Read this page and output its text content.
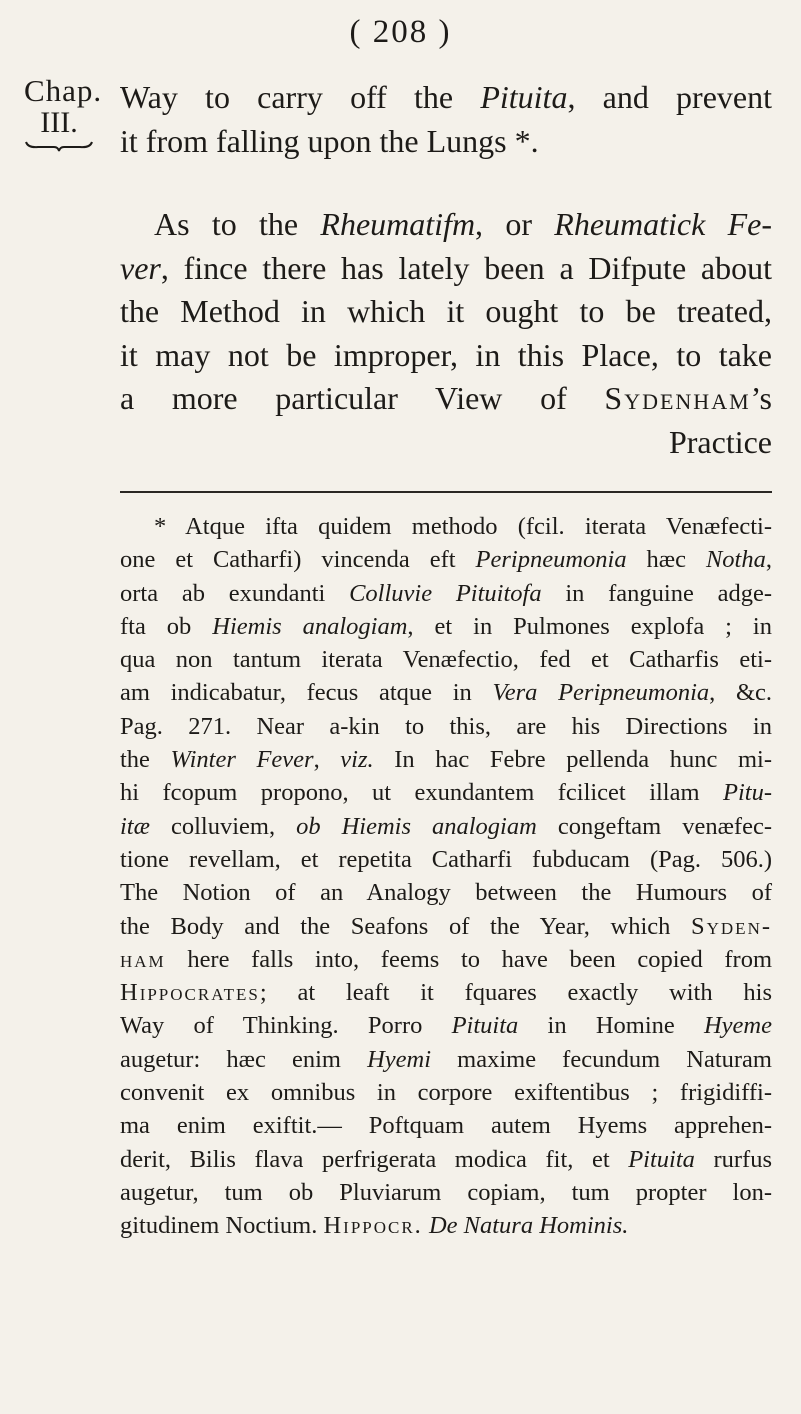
( 208 )
Chap.
III.
Way to carry off the Pituita, and prevent
it from falling upon the Lungs *.
As to the Rheumatifm, or Rheumatick Fe-
ver, fince there has lately been a Difpute about
the Method in which it ought to be treated,
it may not be improper, in this Place, to take
a more particular View of Sydenham’s
Practice
* Atque ifta quidem methodo (fcil. iterata Venæfecti-
one et Catharfi) vincenda eft Peripneumonia hæc Notha,
orta ab exundanti Colluvie Pituitofa in fanguine adge-
fta ob Hiemis analogiam, et in Pulmones explofa ; in
qua non tantum iterata Venæfectio, fed et Catharfis eti-
am indicabatur, fecus atque in Vera Peripneumonia, &c.
Pag. 271. Near a-kin to this, are his Directions in
the Winter Fever, viz. In hac Febre pellenda hunc mi-
hi fcopum propono, ut exundantem fcilicet illam Pitu-
itæ colluviem, ob Hiemis analogiam congeftam venæfec-
tione revellam, et repetita Catharfi fubducam (Pag. 506.)
The Notion of an Analogy between the Humours of
the Body and the Seafons of the Year, which Syden-
ham here falls into, feems to have been copied from
Hippocrates; at leaft it fquares exactly with his
Way of Thinking. Porro Pituita in Homine Hyeme
augetur: hæc enim Hyemi maxime fecundum Naturam
convenit ex omnibus in corpore exiftentibus ; frigidiffi-
ma enim exiftit.— Poftquam autem Hyems apprehen-
derit, Bilis flava perfrigerata modica fit, et Pituita rurfus
augetur, tum ob Pluviarum copiam, tum propter lon-
gitudinem Noctium. Hippocr. De Natura Hominis.
